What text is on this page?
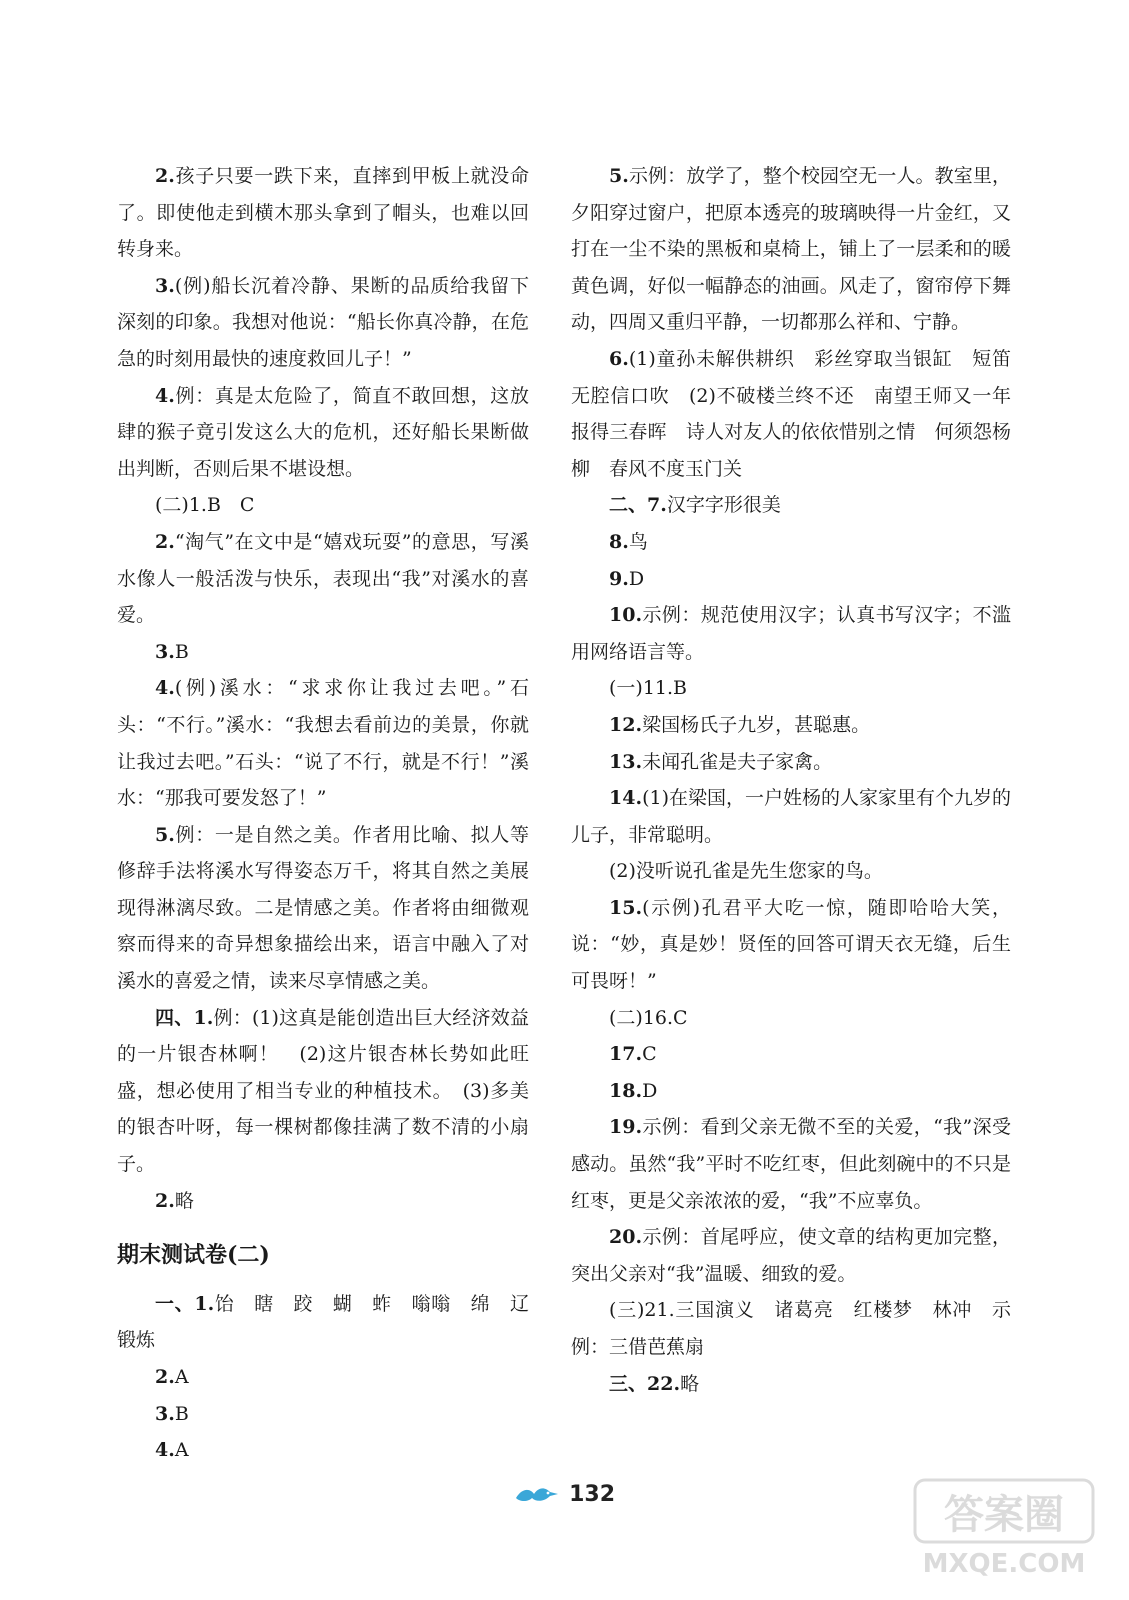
2.孩子只要一跌下来，直摔到甲板上就没命了。即使他走到横木那头拿到了帽头，也难以回转身来。

3.(例)船长沉着冷静、果断的品质给我留下深刻的印象。我想对他说：“船长你真冷静，在危急的时刻用最快的速度救回儿子！”

4.例：真是太危险了，简直不敢回想，这放肆的猴子竟引发这么大的危机，还好船长果断做出判断，否则后果不堪设想。

(二)1.B　C

2.“淘气”在文中是“嬉戏玩耍”的意思，写溪水像人一般活泼与快乐，表现出“我”对溪水的喜爱。

3.B

4.(例)溪水：“求求你让我过去吧。”石头：“不行。”溪水：“我想去看前边的美景，你就让我过去吧。”石头：“说了不行，就是不行！”溪水：“那我可要发怒了！”

5.例：一是自然之美。作者用比喻、拟人等修辞手法将溪水写得姿态万千，将其自然之美展现得淋漓尽致。二是情感之美。作者将由细微观察而得来的奇异想象描绘出来，语言中融入了对溪水的喜爱之情，读来尽享情感之美。

四、1.例：(1)这真是能创造出巨大经济效益的一片银杏林啊！　(2)这片银杏林长势如此旺盛，想必使用了相当专业的种植技术。　(3)多美的银杏叶呀，每一棵树都像挂满了数不清的小扇子。

2.略

期末测试卷(二)

一、1.饴　瞎　跤　蝴　蚱　嗡嗡　绵　辽　锻炼

2.A

3.B

4.A

5.示例：放学了，整个校园空无一人。教室里，夕阳穿过窗户，把原本透亮的玻璃映得一片金红，又打在一尘不染的黑板和桌椅上，铺上了一层柔和的暖黄色调，好似一幅静态的油画。风走了，窗帘停下舞动，四周又重归平静，一切都那么祥和、宁静。

6.(1)童孙未解供耕织　彩丝穿取当银缸　短笛无腔信口吹　(2)不破楼兰终不还　南望王师又一年　报得三春晖　诗人对友人的依依惜别之情　何须怨杨柳　春风不度玉门关

二、7.汉字字形很美

8.鸟

9.D

10.示例：规范使用汉字；认真书写汉字；不滥用网络语言等。

(一)11.B

12.梁国杨氏子九岁，甚聪惠。

13.未闻孔雀是夫子家禽。

14.(1)在梁国，一户姓杨的人家家里有个九岁的儿子，非常聪明。

(2)没听说孔雀是先生您家的鸟。

15.(示例)孔君平大吃一惊，随即哈哈大笑，说：“妙，真是妙！贤侄的回答可谓天衣无缝，后生可畏呀！”

(二)16.C

17.C

18.D

19.示例：看到父亲无微不至的关爱，“我”深受感动。虽然“我”平时不吃红枣，但此刻碗中的不只是红枣，更是父亲浓浓的爱，“我”不应辜负。

20.示例：首尾呼应，使文章的结构更加完整，突出父亲对“我”温暖、细致的爱。

(三)21.三国演义　诸葛亮　红楼梦　林冲　示例：三借芭蕉扇

三、22.略

132	答案圈
MXQE.COM
